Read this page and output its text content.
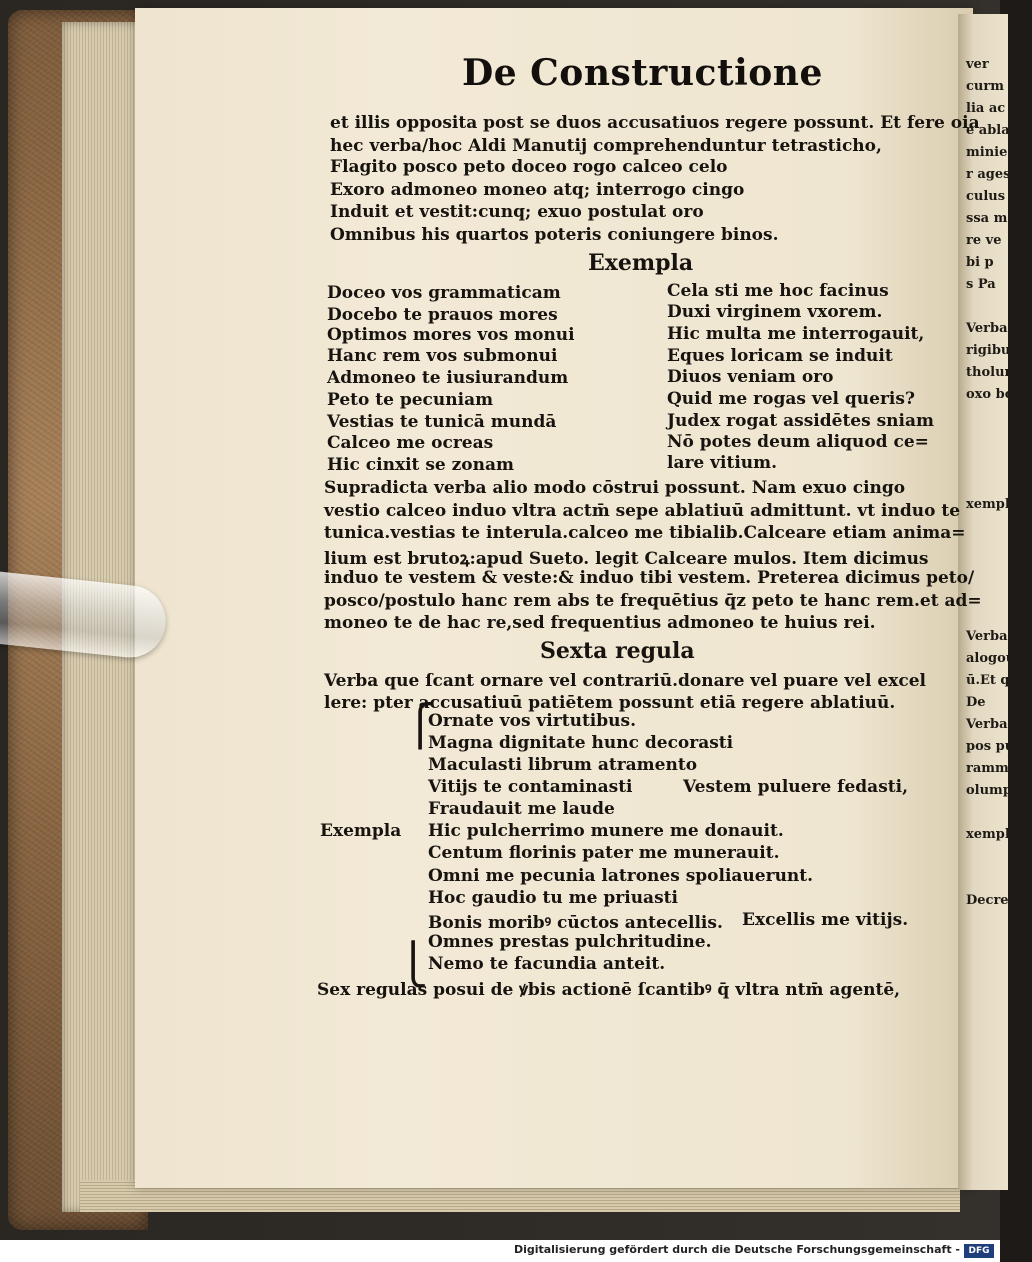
ver
curm
lia ac
e abla
minie
r ages
culus
ssa m
re ve
bi p
s Pa

Verba
rigibus
tholum
oxo bo

xempla

Verba
alogou
ū.Et q
De
Verba
pos puen
rammat
olumpta

xempla

Decre
De Constructione
et illis opposita post se duos accusatiuos regere possunt. Et fere oia
hec verba/hoc Aldi Manutij comprehenduntur tetrasticho,
Flagito posco peto doceo rogo calceo celo
Exoro admoneo moneo atq; interrogo cingo
Induit et vestit:cunq; exuo postulat oro
Omnibus his quartos poteris coniungere binos.
Exempla
Doceo vos grammaticam
Docebo te prauos mores
Optimos mores vos monui
Hanc rem vos submonui
Admoneo te iusiurandum
Peto te pecuniam
Vestias te tunicā mundā
Calceo me ocreas
Hic cinxit se zonam
Cela sti me hoc facinus
Duxi virginem vxorem.
Hic multa me interrogauit,
Eques loricam se induit
Diuos veniam oro
Quid me rogas vel queris?
Judex rogat assidētes sniam
Nō potes deum aliquod ce=
lare vitium.
Supradicta verba alio modo cōstrui possunt. Nam exuo cingo
vestio calceo induo vltra actm̄ sepe ablatiuū admittunt. vt induo te
tunica.vestias te interula.calceo me tibialib.Calceare etiam anima=
lium est brutoꝝ:apud Sueto. legit Calceare mulos. Item dicimus
induo te vestem & veste:& induo tibi vestem. Preterea dicimus peto/
posco/postulo hanc rem abs te frequētius q̄z peto te hanc rem.et ad=
moneo te de hac re,sed frequentius admoneo te huius rei.
Sexta regula
Verba que ſcant ornare vel contrariū.donare vel puare vel excel
lere: pter accusatiuū patiētem possunt etiā regere ablatiuū.
⎧
⎩
Exempla
Ornate vos virtutibus.
Magna dignitate hunc decorasti
Maculasti librum atramento
Vitijs te contaminasti
Fraudauit me laude
Hic pulcherrimo munere me donauit.
Centum florinis pater me munerauit.
Omni me pecunia latrones spoliauerunt.
Hoc gaudio tu me priuasti
Bonis moribꝰ cūctos antecellis.
Omnes prestas pulchritudine.
Nemo te facundia anteit.
Vestem puluere fedasti,
Excellis me vitijs.
Sex regulas posui de ꝟbis actionē ſcantibꝰ q̄ vltra ntm̄ agentē,
Digitalisierung gefördert durch die Deutsche Forschungsgemeinschaft - DFG
